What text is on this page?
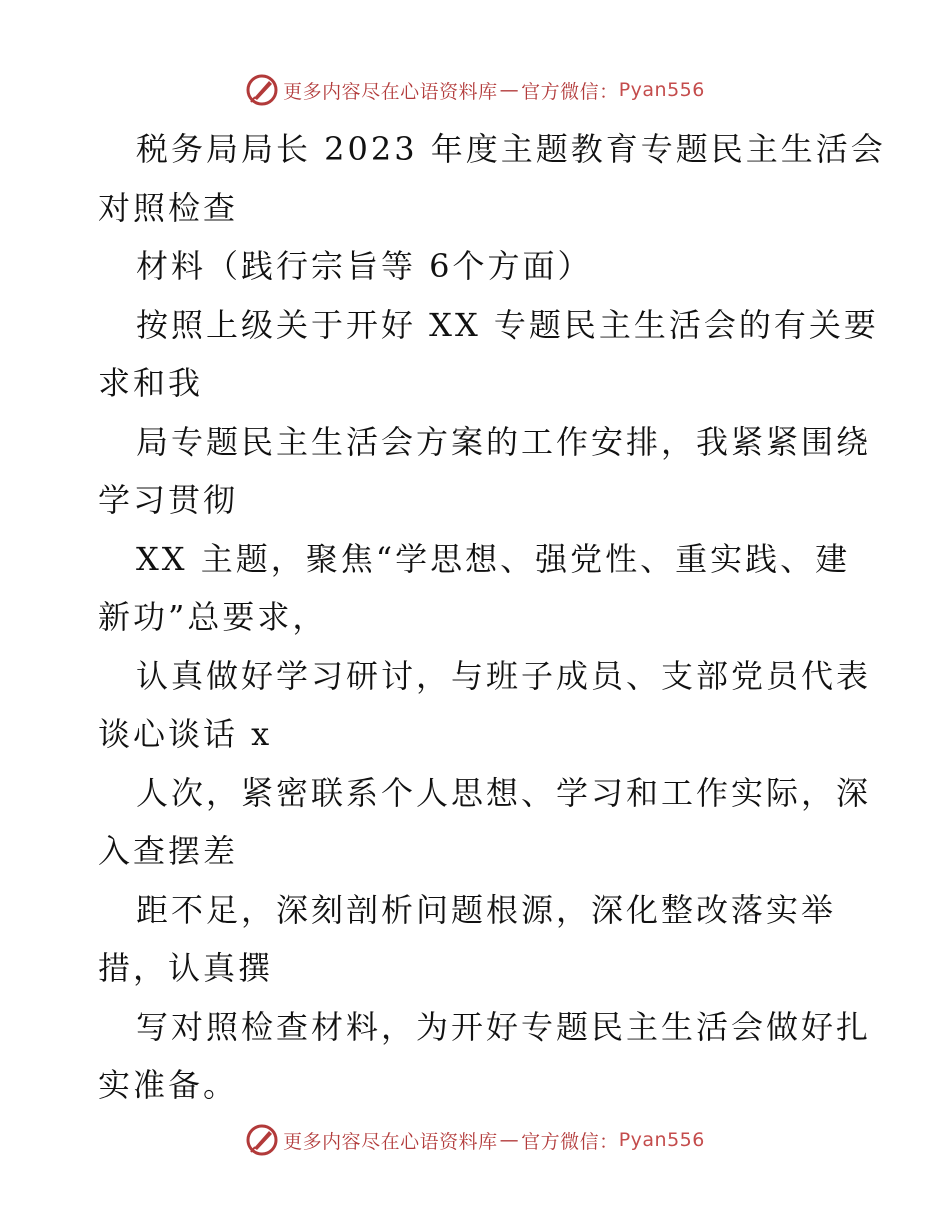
更多内容尽在心语资料库 — 官方微信： Pyan556
税务局局长 2023 年度主题教育专题民主生活会
对照检查
材料（践行宗旨等 6个方面）
按照上级关于开好 XX 专题民主生活会的有关要
求和我
局专题民主生活会方案的工作安排，我紧紧围绕
学习贯彻
XX 主题，聚焦“学思想、强党性、重实践、建
新功”总要求，
认真做好学习研讨，与班子成员、支部党员代表
谈心谈话 x
人次，紧密联系个人思想、学习和工作实际，深
入查摆差
距不足，深刻剖析问题根源，深化整改落实举
措，认真撰
写对照检查材料，为开好专题民主生活会做好扎
实准备。
更多内容尽在心语资料库 — 官方微信： Pyan556
